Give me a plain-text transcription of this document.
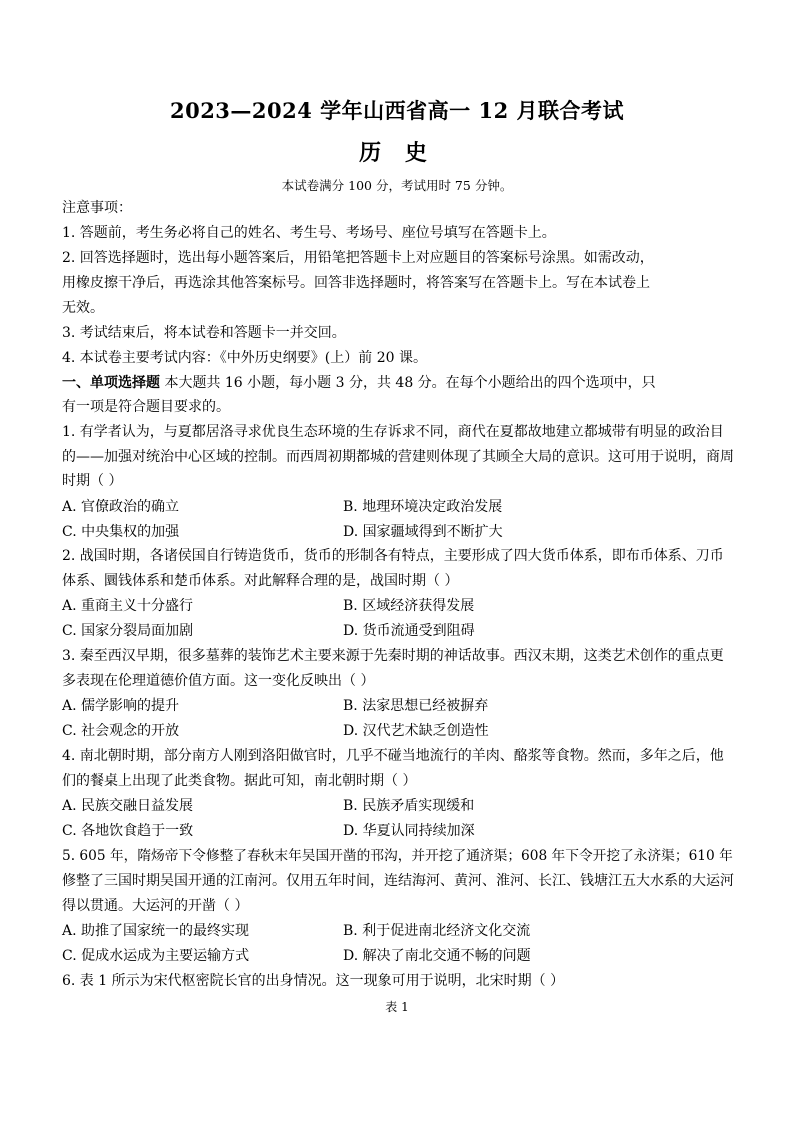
2023—2024 学年山西省高一 12 月联合考试
历 史
本试卷满分 100 分，考试用时 75 分钟。
注意事项：
1. 答题前，考生务必将自己的姓名、考生号、考场号、座位号填写在答题卡上。
2. 回答选择题时，选出每小题答案后，用铅笔把答题卡上对应题目的答案标号涂黑。如需改动，
用橡皮擦干净后，再选涂其他答案标号。回答非选择题时，将答案写在答题卡上。写在本试卷上
无效。
3. 考试结束后，将本试卷和答题卡一并交回。
4. 本试卷主要考试内容：《中外历史纲要》(上）前 20 课。
一、单项选择题 本大题共 16 小题，每小题 3 分，共 48 分。在每个小题给出的四个选项中，只
有一项是符合题目要求的。
1. 有学者认为，与夏都居洛寻求优良生态环境的生存诉求不同，商代在夏都故地建立都城带有明显的政治目
的——加强对统治中心区域的控制。而西周初期都城的营建则体现了其顾全大局的意识。这可用于说明，商周
时期（ ）
A. 官僚政治的确立	B. 地理环境决定政治发展
C. 中央集权的加强	D. 国家疆域得到不断扩大
2. 战国时期，各诸侯国自行铸造货币，货币的形制各有特点，主要形成了四大货币体系，即布币体系、刀币
体系、圜钱体系和楚币体系。对此解释合理的是，战国时期（ ）
A. 重商主义十分盛行	B. 区域经济获得发展
C. 国家分裂局面加剧	D. 货币流通受到阻碍
3. 秦至西汉早期，很多墓葬的装饰艺术主要来源于先秦时期的神话故事。西汉末期，这类艺术创作的重点更
多表现在伦理道德价值方面。这一变化反映出（ ）
A. 儒学影响的提升	B. 法家思想已经被摒弃
C. 社会观念的开放	D. 汉代艺术缺乏创造性
4. 南北朝时期，部分南方人刚到洛阳做官时，几乎不碰当地流行的羊肉、酪浆等食物。然而，多年之后，他
们的餐桌上出现了此类食物。据此可知，南北朝时期（ ）
A. 民族交融日益发展	B. 民族矛盾实现缓和
C. 各地饮食趋于一致	D. 华夏认同持续加深
5. 605 年，隋炀帝下令修整了春秋末年吴国开凿的邗沟，并开挖了通济渠；608 年下令开挖了永济渠；610 年
修整了三国时期吴国开通的江南河。仅用五年时间，连结海河、黄河、淮河、长江、钱塘江五大水系的大运河
得以贯通。大运河的开凿（ ）
A. 助推了国家统一的最终实现	B. 利于促进南北经济文化交流
C. 促成水运成为主要运输方式	D. 解决了南北交通不畅的问题
6. 表 1 所示为宋代枢密院长官的出身情况。这一现象可用于说明，北宋时期（ ）
表 1
